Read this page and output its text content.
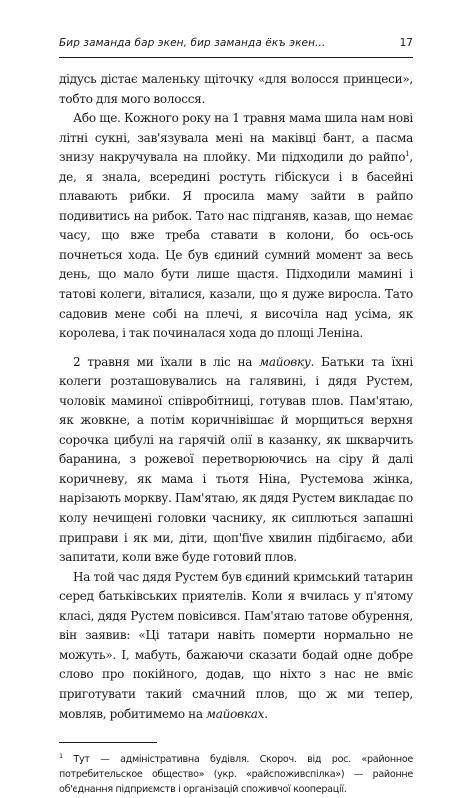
Бир заманда бар экен, бир заманда ёкъ экен...	17

дідусь дістає маленьку щіточку «для волосся принцеси», тобто для мого волосся.

Або ще. Кожного року на 1 травня мама шила нам нові літні сукні, зав'язувала мені на маківці бант, а пасма знизу накручувала на плойку. Ми підходили до райпо$^1$, де, я знала, всередині ростуть гібіскуси і в басейні плавають рибки. Я просила маму зайти в райпо подивитись на рибок. Тато нас підганяв, казав, що немає часу, що вже треба ставати в колони, бо ось-ось почнеться хода. Це був єдиний сумний момент за весь день, що мало бути лише щастя. Підходили мамині і татові колеги, віталися, казали, що я дуже виросла. Тато садовив мене собі на плечі, я височіла над усіма, як королева, і так починалася хода до площі Леніна.

2 травня ми їхали в ліс на майовку. Батьки та їхні колеги розташовувались на галявині, і дядя Рустем, чоловік маминої співробітниці, готував плов. Пам'ятаю, як жовкне, а потім коричнівішає й морщиться верхня сорочка цибулі на гарячій олії в казанку, як шкварчить баранина, з рожевої перетворюючись на сіру й далі коричневу, як мама і тьотя Ніна, Рустемова жінка, нарізають моркву. Пам'ятаю, як дядя Рустем викладає по колу нечищені головки часнику, як сиплються запашні приправи і як ми, діти, щоп'five хвилин підбігаємо, аби запитати, коли вже буде готовий плов.

На той час дядя Рустем був єдиний кримський татарин серед батьківських приятелів. Коли я вчилась у п'ятому класі, дядя Рустем повісився. Пам'ятаю татове обурення, він заявив: «Ці татари навіть померти нормально не можуть». І, мабуть, бажаючи сказати бодай одне добре слово про покійного, додав, що ніхто з нас не вміє приготувати такий смачний плов, що ж ми тепер, мовляв, робитимемо на майовках.

$^1$ Тут — адміністративна будівля. Скороч. від рос. «районное потребительское общество» (укр. «райспоживспілка») — районне об'єднання підприємств і організацій споживчої кооперації.
